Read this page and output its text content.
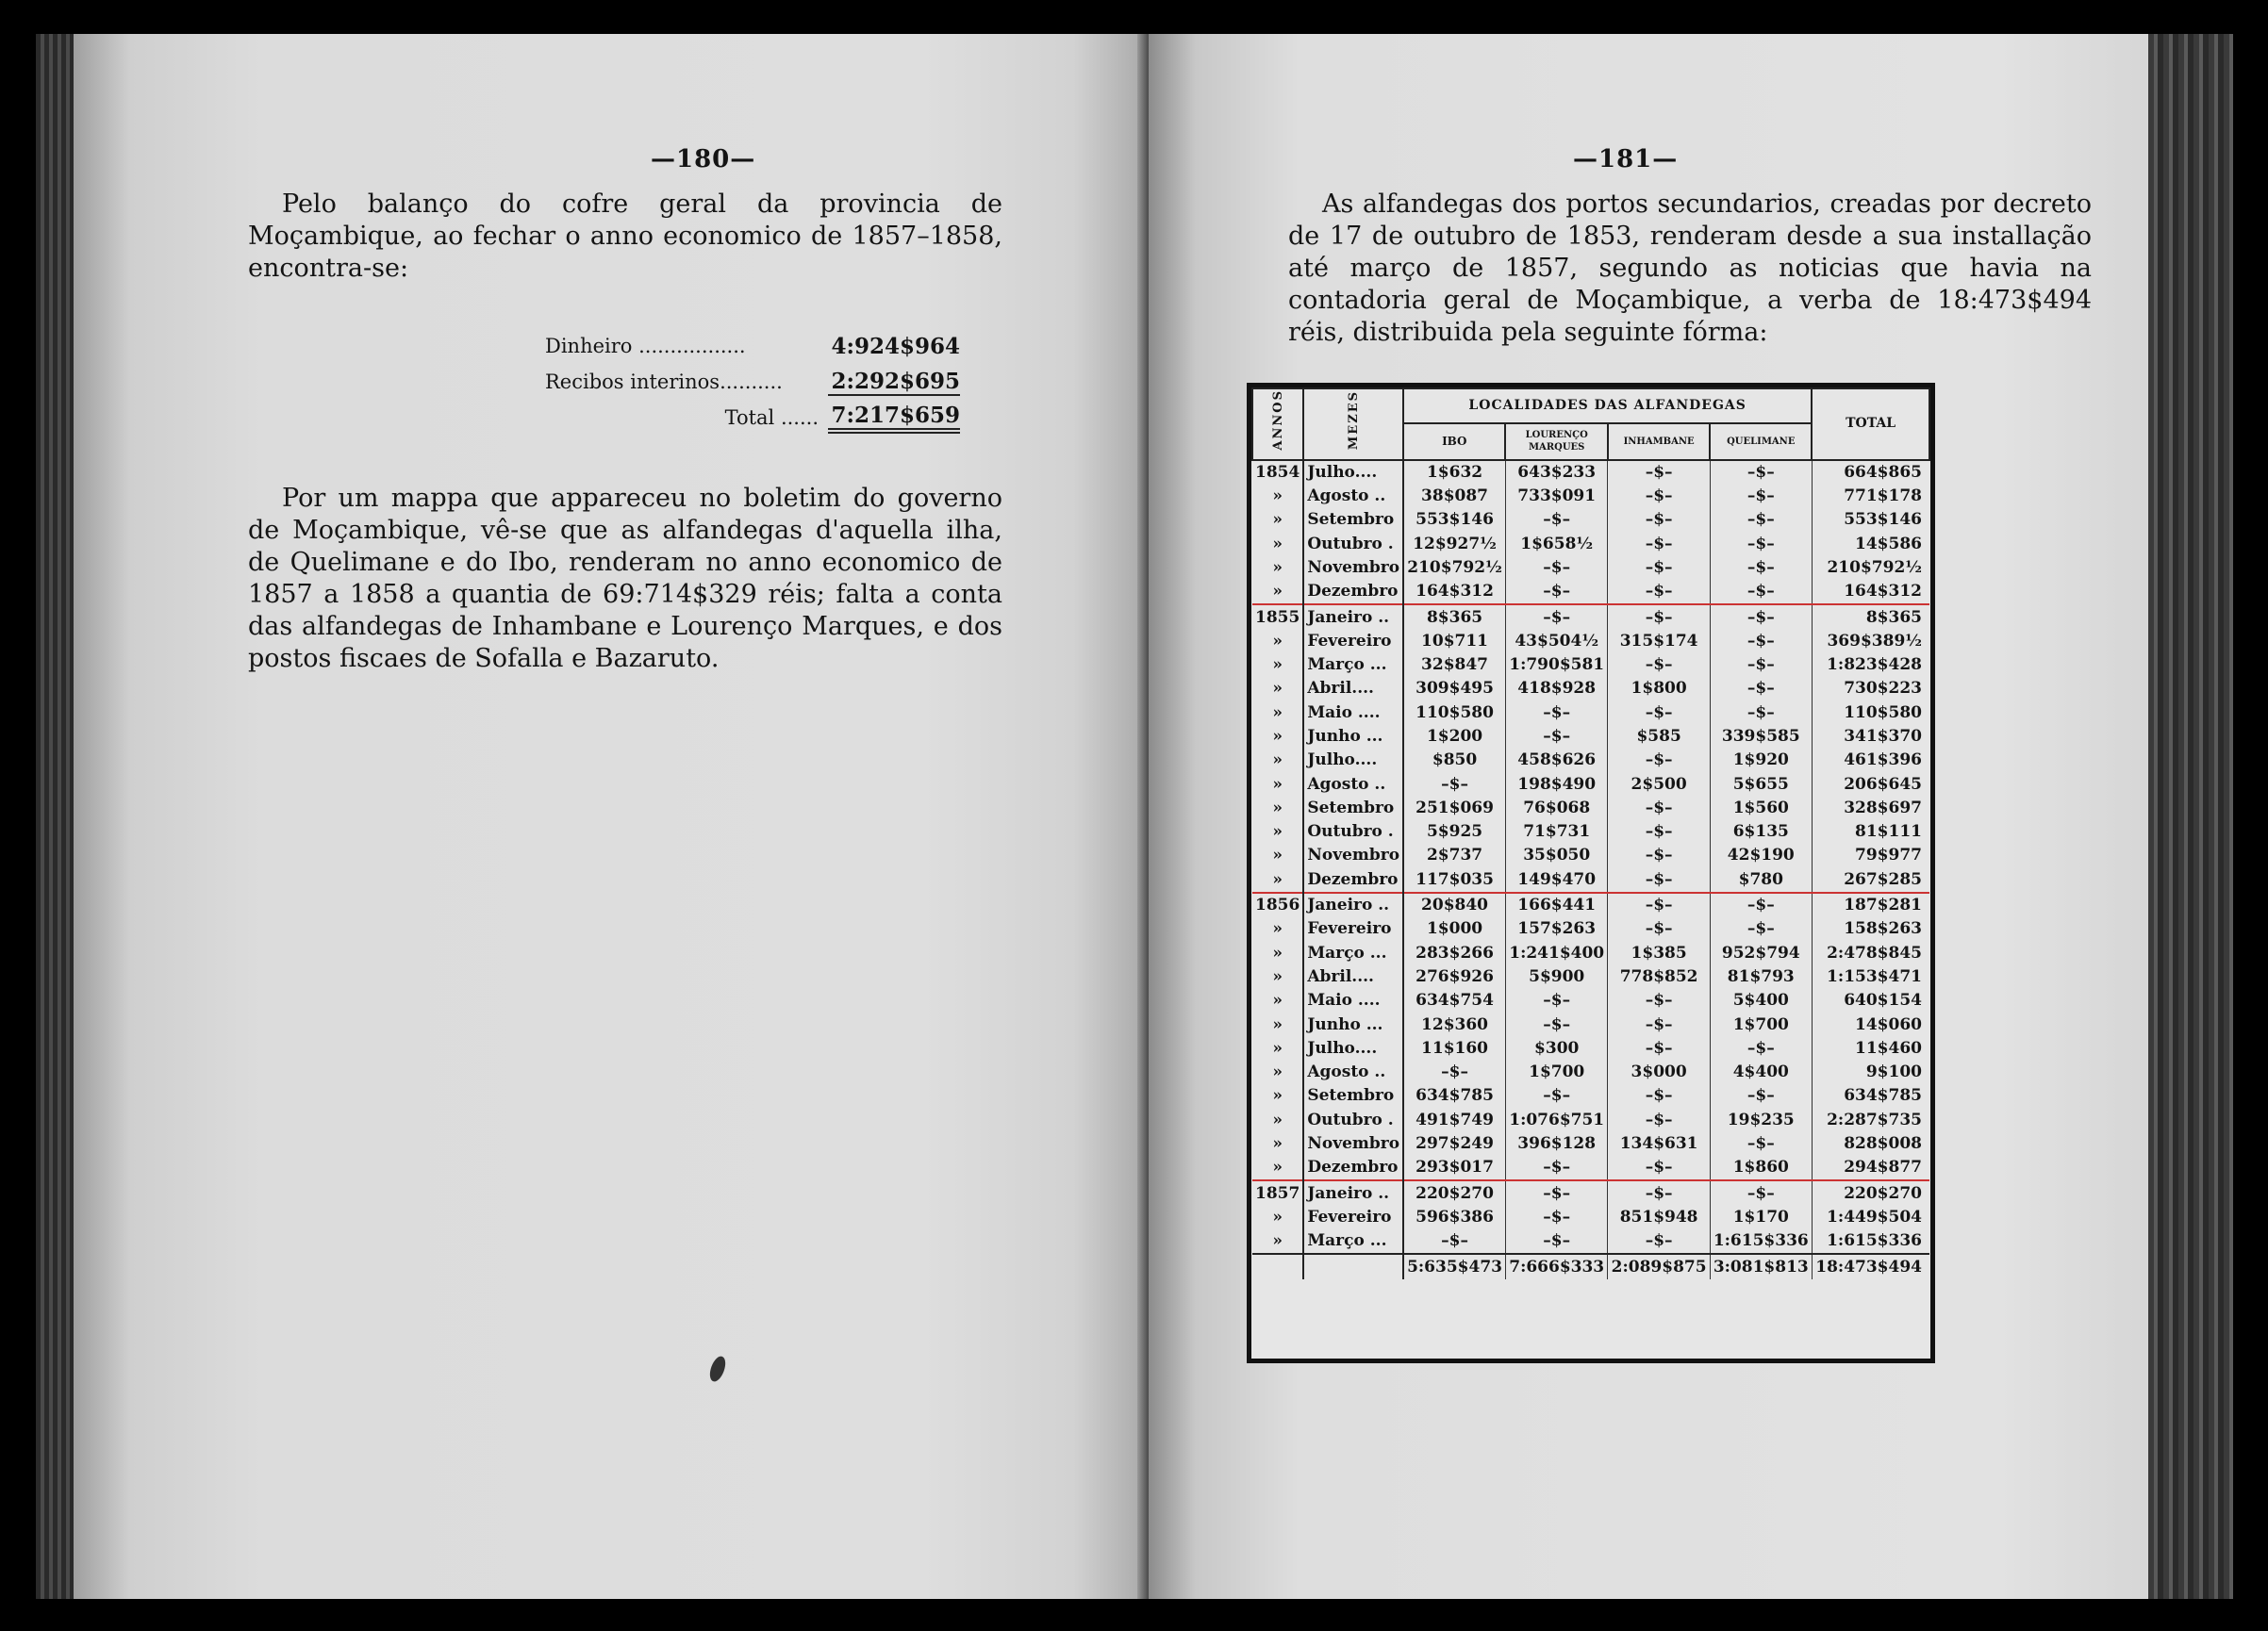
—180—

Pelo balanço do cofre geral da provincia de Moçambique, ao fechar o anno economico de 1857–1858, encontra-se:

Dinheiro .................	4:924$964
Recibos interinos..........	2:292$695
Total ...... 7:217$659

Por um mappa que appareceu no boletim do governo de Moçambique, vê-se que as alfandegas d'aquella ilha, de Quelimane e do Ibo, renderam no anno economico de 1857 a 1858 a quantia de 69:714$329 réis; falta a conta das alfandegas de Inhambane e Lourenço Marques, e dos postos fiscaes de Sofalla e Bazaruto.

—181—

As alfandegas dos portos secundarios, creadas por decreto de 17 de outubro de 1853, renderam desde a sua installação até março de 1857, segundo as noticias que havia na contadoria geral de Moçambique, a verba de 18:473$494 réis, distribuida pela seguinte fórma:

ANNOS	MEZES	LOCALIDADES DAS ALFANDEGAS				TOTAL
		IBO	LOURENÇO MARQUES	INHAMBANE	QUELIMANE	
1854	Julho....	1$632	643$233	–$–	–$–	664$865
»	Agosto ..	38$087	733$091	–$–	–$–	771$178
»	Setembro	553$146	–$–	–$–	–$–	553$146
»	Outubro .	12$927½	1$658½	–$–	–$–	14$586
»	Novembro	210$792½	–$–	–$–	–$–	210$792½
»	Dezembro	164$312	–$–	–$–	–$–	164$312
1855	Janeiro ..	8$365	–$–	–$–	–$–	8$365
»	Fevereiro	10$711	43$504½	315$174	–$–	369$389½
»	Março ...	32$847	1:790$581	–$–	–$–	1:823$428
»	Abril....	309$495	418$928	1$800	–$–	730$223
»	Maio ....	110$580	–$–	–$–	–$–	110$580
»	Junho ...	1$200	–$–	$585	339$585	341$370
»	Julho....	$850	458$626	–$–	1$920	461$396
»	Agosto ..	–$–	198$490	2$500	5$655	206$645
»	Setembro	251$069	76$068	–$–	1$560	328$697
»	Outubro .	5$925	71$731	–$–	6$135	81$111
»	Novembro	2$737	35$050	–$–	42$190	79$977
»	Dezembro	117$035	149$470	–$–	$780	267$285
1856	Janeiro ..	20$840	166$441	–$–	–$–	187$281
»	Fevereiro	1$000	157$263	–$–	–$–	158$263
»	Março ...	283$266	1:241$400	1$385	952$794	2:478$845
»	Abril....	276$926	5$900	778$852	81$793	1:153$471
»	Maio ....	634$754	–$–	–$–	5$400	640$154
»	Junho ...	12$360	–$–	–$–	1$700	14$060
»	Julho....	11$160	$300	–$–	–$–	11$460
»	Agosto ..	–$–	1$700	3$000	4$400	9$100
»	Setembro	634$785	–$–	–$–	–$–	634$785
»	Outubro .	491$749	1:076$751	–$–	19$235	2:287$735
»	Novembro	297$249	396$128	134$631	–$–	828$008
»	Dezembro	293$017	–$–	–$–	1$860	294$877
1857	Janeiro ..	220$270	–$–	–$–	–$–	220$270
»	Fevereiro	596$386	–$–	851$948	1$170	1:449$504
»	Março ...	–$–	–$–	–$–	1:615$336	1:615$336
		5:635$473	7:666$333	2:089$875	3:081$813	18:473$494
